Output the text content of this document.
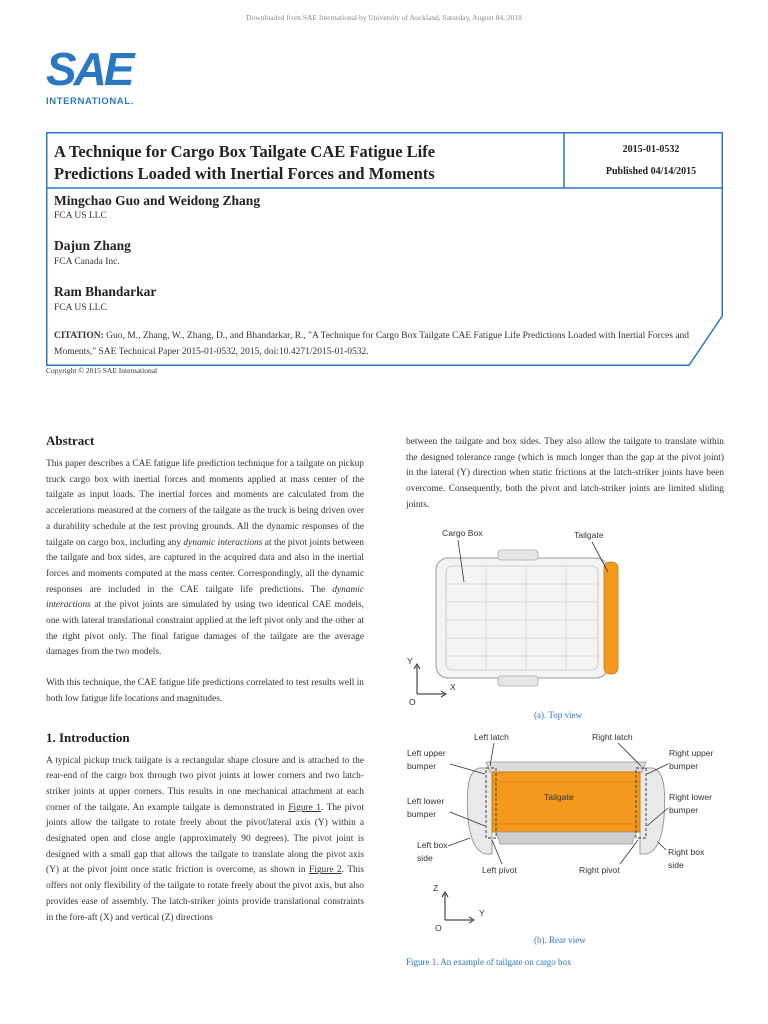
Downloaded from SAE International by University of Auckland, Saturday, August 04, 2018
SAE
INTERNATIONAL.
A Technique for Cargo Box Tailgate CAE Fatigue Life
Predictions Loaded with Inertial Forces and Moments
2015-01-0532
Published 04/14/2015
Mingchao Guo and Weidong Zhang
FCA US LLC
Dajun Zhang
FCA Canada Inc.
Ram Bhandarkar
FCA US LLC
CITATION: Guo, M., Zhang, W., Zhang, D., and Bhandarkar, R., "A Technique for Cargo Box Tailgate CAE Fatigue Life Predictions Loaded with Inertial Forces and Moments," SAE Technical Paper 2015-01-0532, 2015, doi:10.4271/2015-01-0532.
Copyright © 2015 SAE International
Abstract

This paper describes a CAE fatigue life prediction technique for a tailgate on pickup truck cargo box with inertial forces and moments applied at mass center of the tailgate as input loads. The inertial forces and moments are calculated from the accelerations measured at the corners of the tailgate as the truck is being driven over a durability schedule at the test proving grounds. All the dynamic responses of the tailgate on cargo box, including any dynamic interactions at the pivot joints between the tailgate and box sides, are captured in the acquired data and also in the inertial forces and moments computed at the mass center. Correspondingly, all the dynamic responses are included in the CAE tailgate life predictions. The dynamic interactions at the pivot joints are simulated by using two identical CAE models, one with lateral translational constraint applied at the left pivot only and the other at the right pivot only. The final fatigue damages of the tailgate are the average damages from the two models.

With this technique, the CAE fatigue life predictions correlated to test results well in both low fatigue life locations and magnitudes.

1. Introduction

A typical pickup truck tailgate is a rectangular shape closure and is attached to the rear-end of the cargo box through two pivot joints at lower corners and two latch-striker joints at upper corners. This results in one mechanical attachment at each corner of the tailgate. An example tailgate is demonstrated in Figure 1. The pivot joints allow the tailgate to rotate freely about the pivot/lateral axis (Y) within a designated open and close angle (approximately 90 degrees). The pivot joint is designed with a small gap that allows the tailgate to translate along the pivot axis (Y) at the pivot joint once static friction is overcome, as shown in Figure 2. This offers not only flexibility of the tailgate to rotate freely about the pivot axis, but also provides ease of assembly. The latch-striker joints provide translational constraints in the fore-aft (X) and vertical (Z) directions

between the tailgate and box sides. They also allow the tailgate to translate within the designed tolerance range (which is much longer than the gap at the pivot joint) in the lateral (Y) direction when static frictions at the latch-striker joints have been overcome. Consequently, both the pivot and latch-striker joints are limited sliding joints.

Cargo Box	Tailgate
Y
X
O
(a). Top view
Left latch	Right latch
Left upper
bumper
Right upper
bumper
Left lower
bumper
Right lower
bumper
Tailgate
Left box
side
Right box
side
Left pivot	Right pivot
Z
Y
O
(b). Rear view
Figure 1. An example of tailgate on cargo box
